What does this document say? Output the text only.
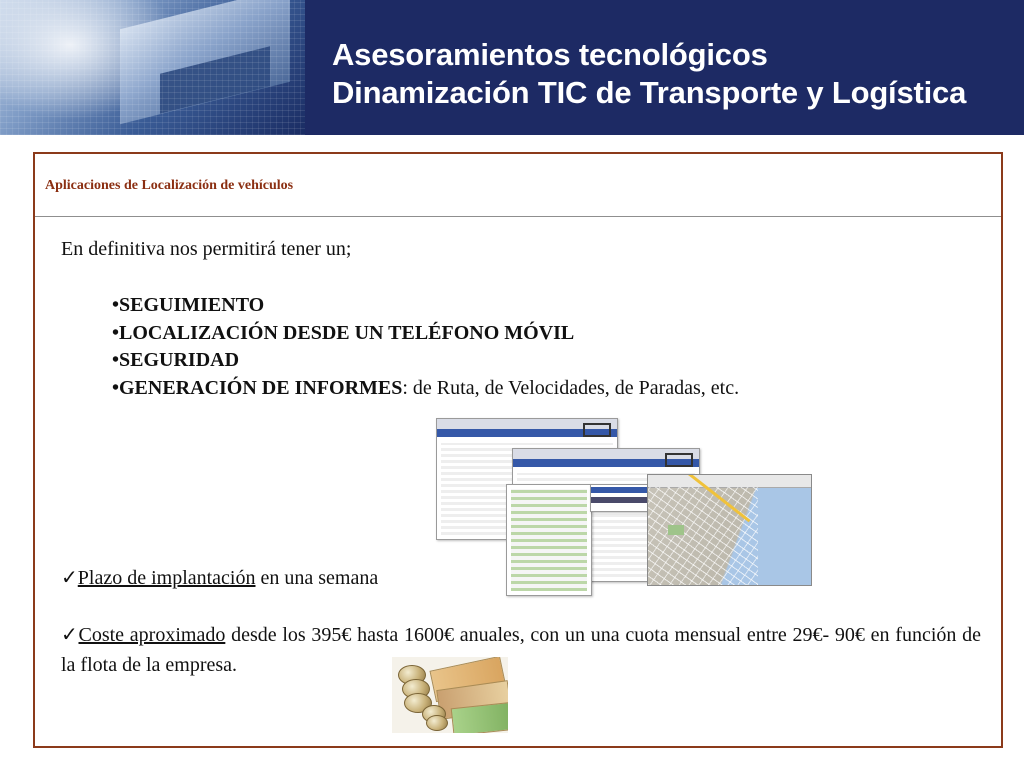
Asesoramientos tecnológicos
Dinamización TIC de Transporte y Logística
Aplicaciones de Localización de vehículos
En definitiva nos permitirá tener un;
•SEGUIMIENTO
•LOCALIZACIÓN DESDE UN TELÉFONO MÓVIL
•SEGURIDAD
•GENERACIÓN DE INFORMES: de Ruta, de Velocidades, de Paradas, etc.
✓Plazo de implantación en una semana
✓Coste aproximado desde los 395€ hasta 1600€ anuales, con un una cuota mensual entre 29€- 90€ en función de la flota de la empresa.
